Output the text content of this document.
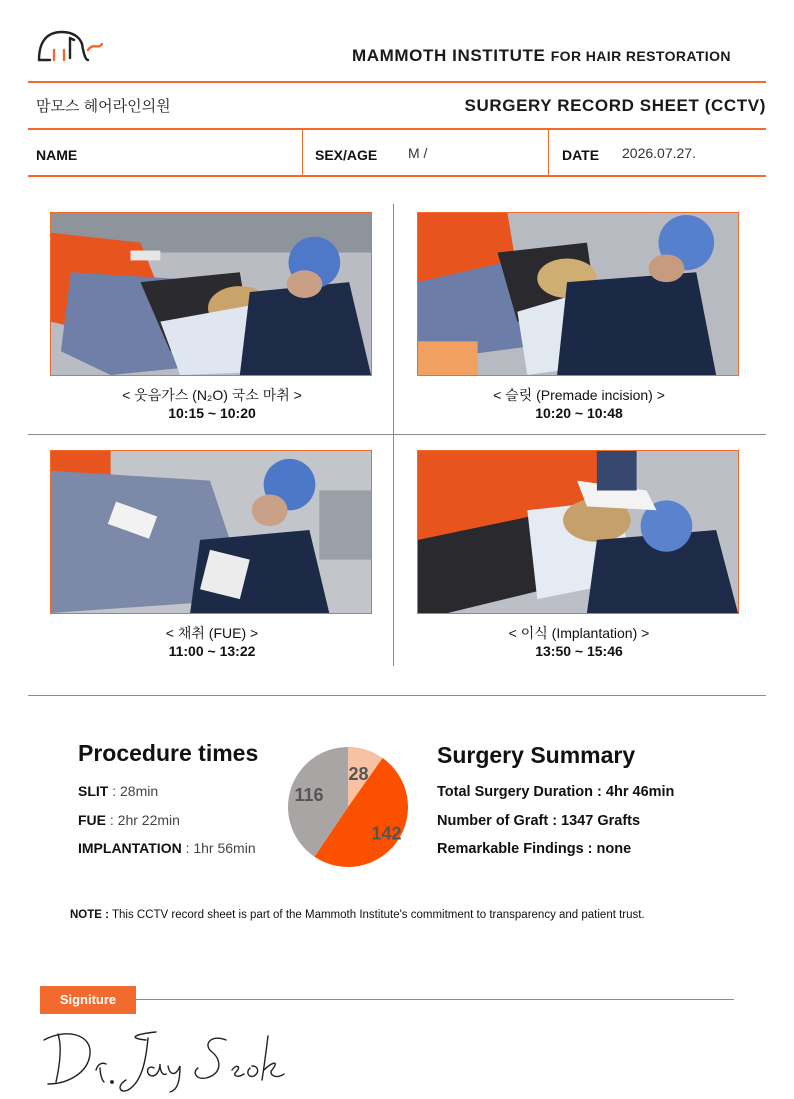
MAMMOTH INSTITUTE FOR HAIR RESTORATION
맘모스 헤어라인의원	SURGERY RECORD SHEET (CCTV)
NAME	SEX/AGE M /	DATE 2026.07.27.
< 웃음가스 (N₂O) 국소 마취 >
10:15 ~ 10:20
< 슬릿 (Premade incision) >
10:20 ~ 10:48
< 채취 (FUE) >
11:00 ~ 13:22
< 이식 (Implantation) >
13:50 ~ 15:46
Procedure times
SLIT : 28min
FUE : 2hr 22min
IMPLANTATION : 1hr 56min
28
142
116
Surgery Summary
Total Surgery Duration : 4hr 46min
Number of Graft : 1347 Grafts
Remarkable Findings : none
NOTE : This CCTV record sheet is part of the Mammoth Institute's commitment to transparency and patient trust.
Signiture
